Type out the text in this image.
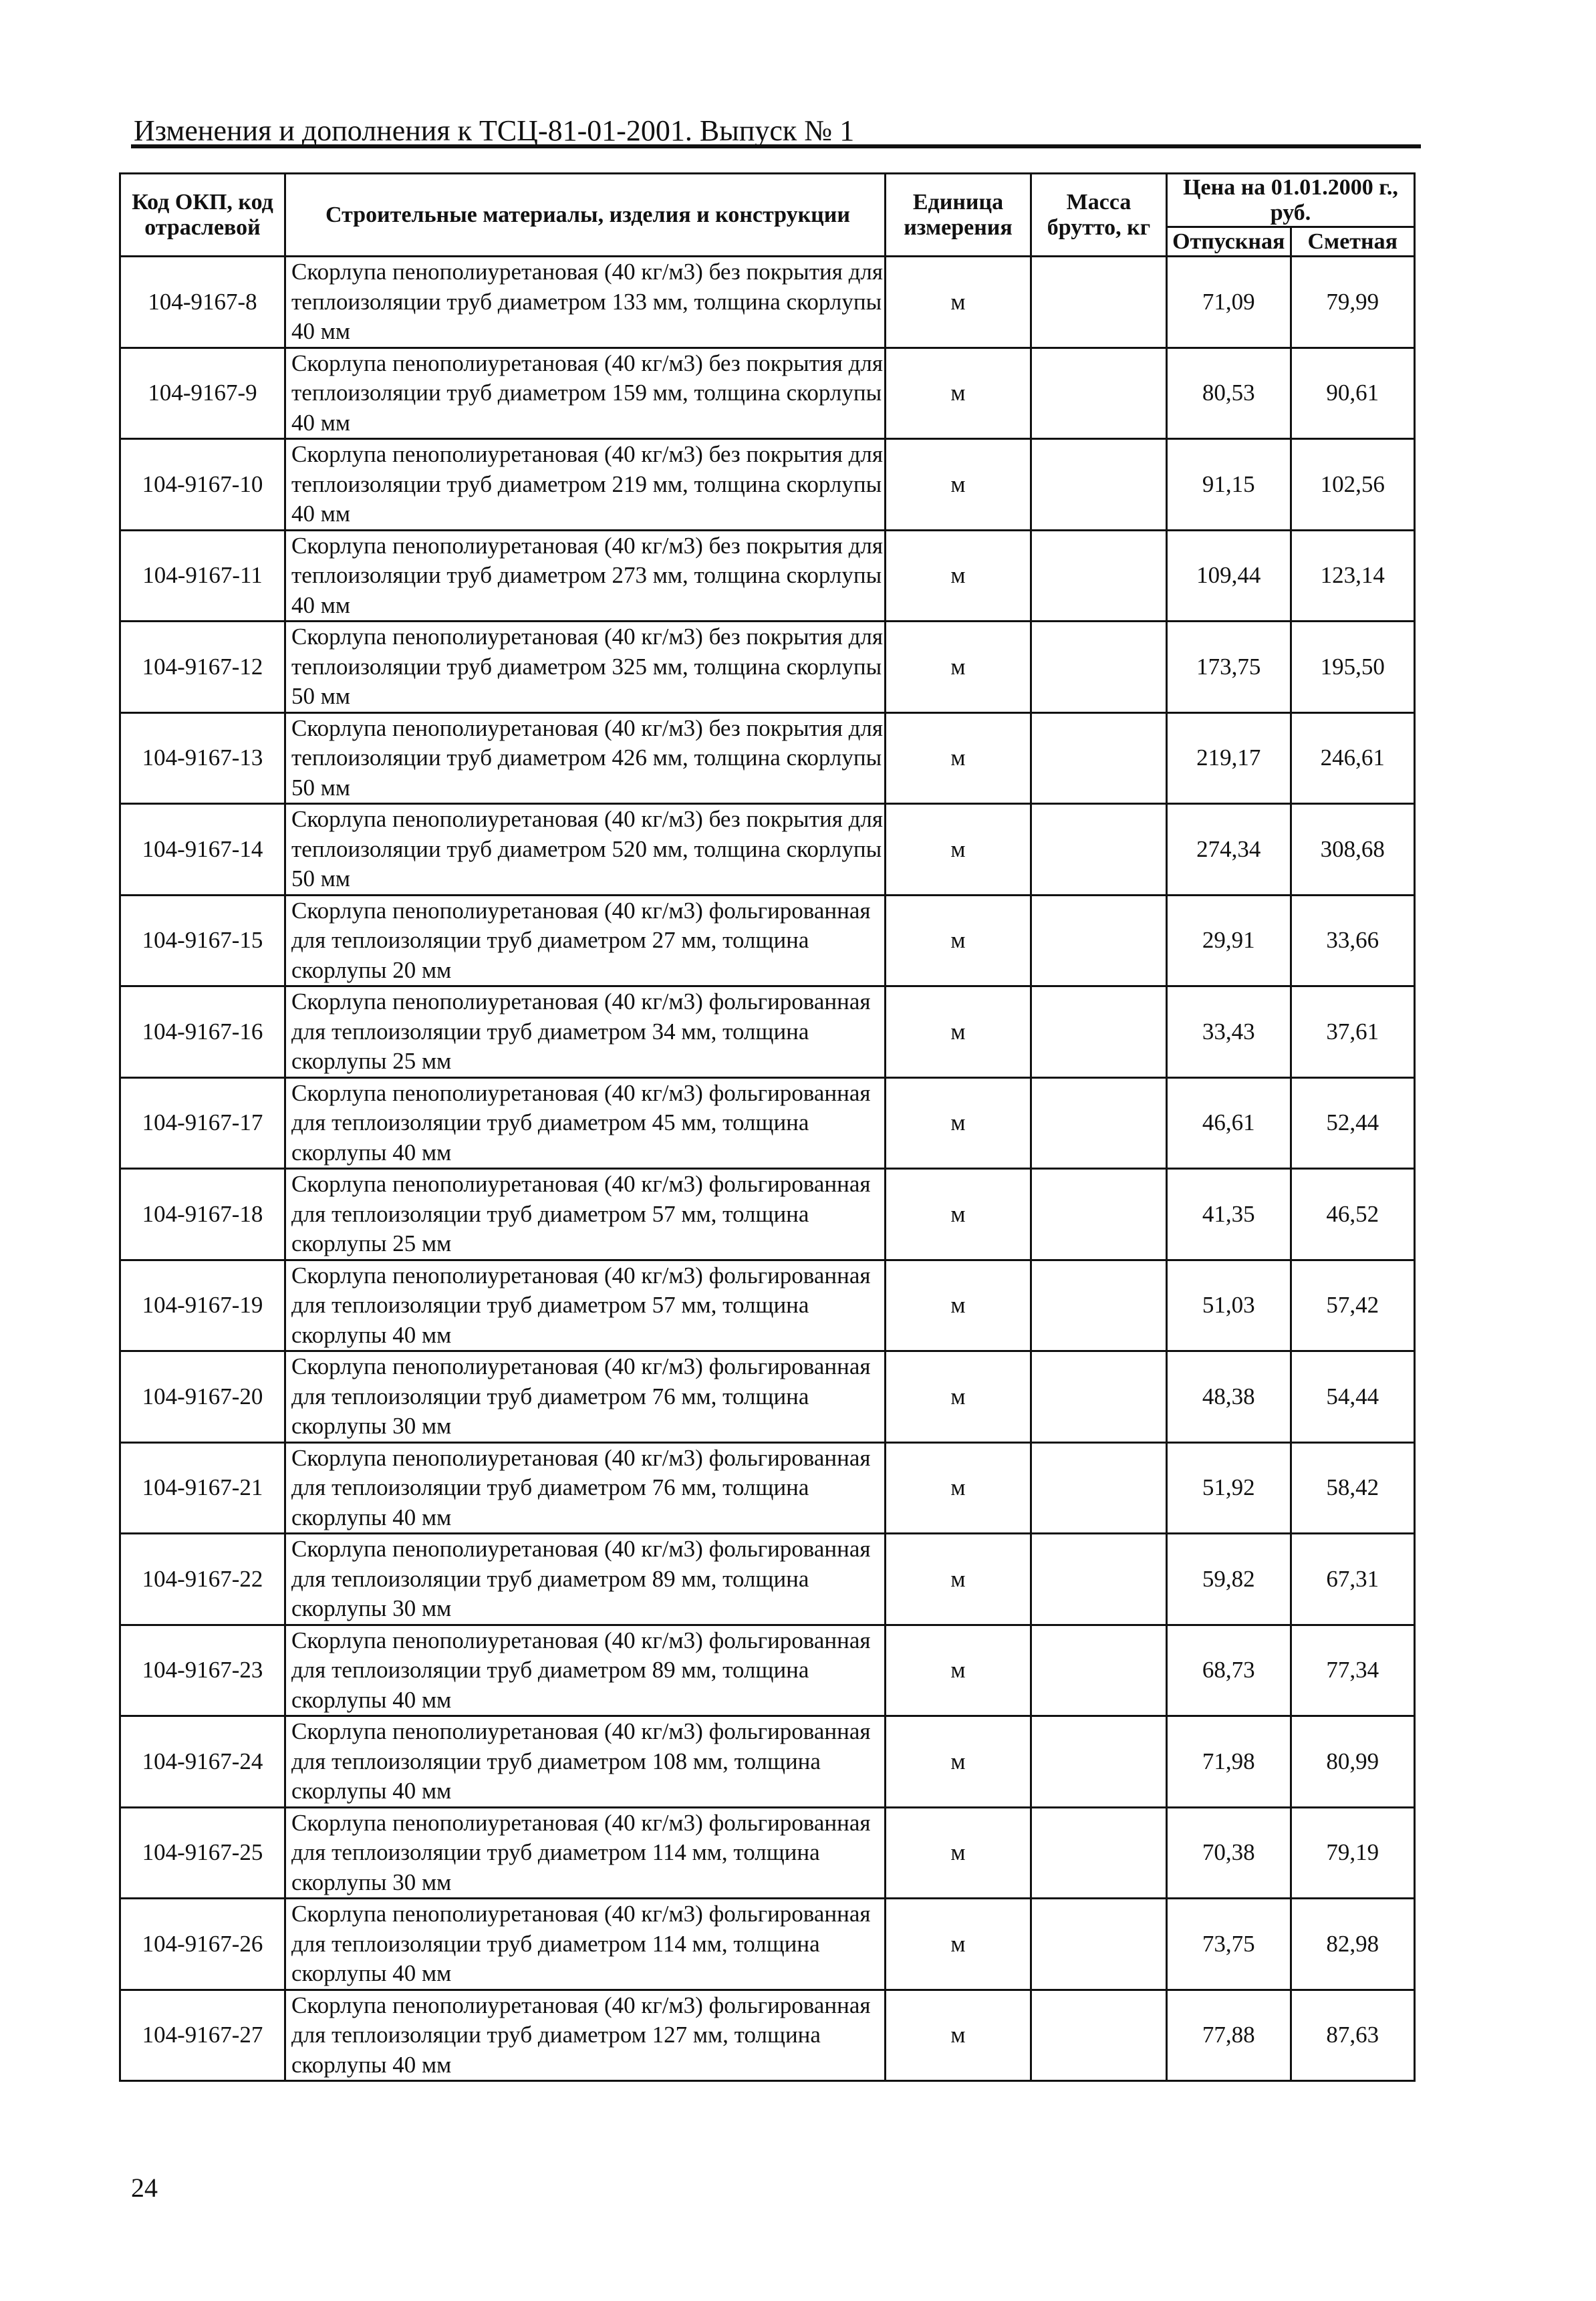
Изменения и дополнения к ТСЦ-81-01-2001. Выпуск № 1
Код ОКП, код отраслевой	Строительные материалы, изделия и конструкции	Единица измерения	Масса брутто, кг	Цена на 01.01.2000 г., руб.	
				Отпускная	Сметная
104-9167-8	Скорлупа пенополиуретановая (40 кг/м3) без покрытия для теплоизоляции труб диаметром 133 мм, толщина скорлупы 40 мм	м		71,09	79,99
104-9167-9	Скорлупа пенополиуретановая (40 кг/м3) без покрытия для теплоизоляции труб диаметром 159 мм, толщина скорлупы 40 мм	м		80,53	90,61
104-9167-10	Скорлупа пенополиуретановая (40 кг/м3) без покрытия для теплоизоляции труб диаметром 219 мм, толщина скорлупы 40 мм	м		91,15	102,56
104-9167-11	Скорлупа пенополиуретановая (40 кг/м3) без покрытия для теплоизоляции труб диаметром 273 мм, толщина скорлупы 40 мм	м		109,44	123,14
104-9167-12	Скорлупа пенополиуретановая (40 кг/м3) без покрытия для теплоизоляции труб диаметром 325 мм, толщина скорлупы 50 мм	м		173,75	195,50
104-9167-13	Скорлупа пенополиуретановая (40 кг/м3) без покрытия для теплоизоляции труб диаметром 426 мм, толщина скорлупы 50 мм	м		219,17	246,61
104-9167-14	Скорлупа пенополиуретановая (40 кг/м3) без покрытия для теплоизоляции труб диаметром 520 мм, толщина скорлупы 50 мм	м		274,34	308,68
104-9167-15	Скорлупа пенополиуретановая (40 кг/м3) фольгированная для теплоизоляции труб диаметром 27 мм, толщина скорлупы 20 мм	м		29,91	33,66
104-9167-16	Скорлупа пенополиуретановая (40 кг/м3) фольгированная для теплоизоляции труб диаметром 34 мм, толщина скорлупы 25 мм	м		33,43	37,61
104-9167-17	Скорлупа пенополиуретановая (40 кг/м3) фольгированная для теплоизоляции труб диаметром 45 мм, толщина скорлупы 40 мм	м		46,61	52,44
104-9167-18	Скорлупа пенополиуретановая (40 кг/м3) фольгированная для теплоизоляции труб диаметром 57 мм, толщина скорлупы 25 мм	м		41,35	46,52
104-9167-19	Скорлупа пенополиуретановая (40 кг/м3) фольгированная для теплоизоляции труб диаметром 57 мм, толщина скорлупы 40 мм	м		51,03	57,42
104-9167-20	Скорлупа пенополиуретановая (40 кг/м3) фольгированная для теплоизоляции труб диаметром 76 мм, толщина скорлупы 30 мм	м		48,38	54,44
104-9167-21	Скорлупа пенополиуретановая (40 кг/м3) фольгированная для теплоизоляции труб диаметром 76 мм, толщина скорлупы 40 мм	м		51,92	58,42
104-9167-22	Скорлупа пенополиуретановая (40 кг/м3) фольгированная для теплоизоляции труб диаметром 89 мм, толщина скорлупы 30 мм	м		59,82	67,31
104-9167-23	Скорлупа пенополиуретановая (40 кг/м3) фольгированная для теплоизоляции труб диаметром 89 мм, толщина скорлупы 40 мм	м		68,73	77,34
104-9167-24	Скорлупа пенополиуретановая (40 кг/м3) фольгированная для теплоизоляции труб диаметром 108 мм, толщина скорлупы 40 мм	м		71,98	80,99
104-9167-25	Скорлупа пенополиуретановая (40 кг/м3) фольгированная для теплоизоляции труб диаметром 114 мм, толщина скорлупы 30 мм	м		70,38	79,19
104-9167-26	Скорлупа пенополиуретановая (40 кг/м3) фольгированная для теплоизоляции труб диаметром 114 мм, толщина скорлупы 40 мм	м		73,75	82,98
104-9167-27	Скорлупа пенополиуретановая (40 кг/м3) фольгированная для теплоизоляции труб диаметром 127 мм, толщина скорлупы 40 мм	м		77,88	87,63
24
